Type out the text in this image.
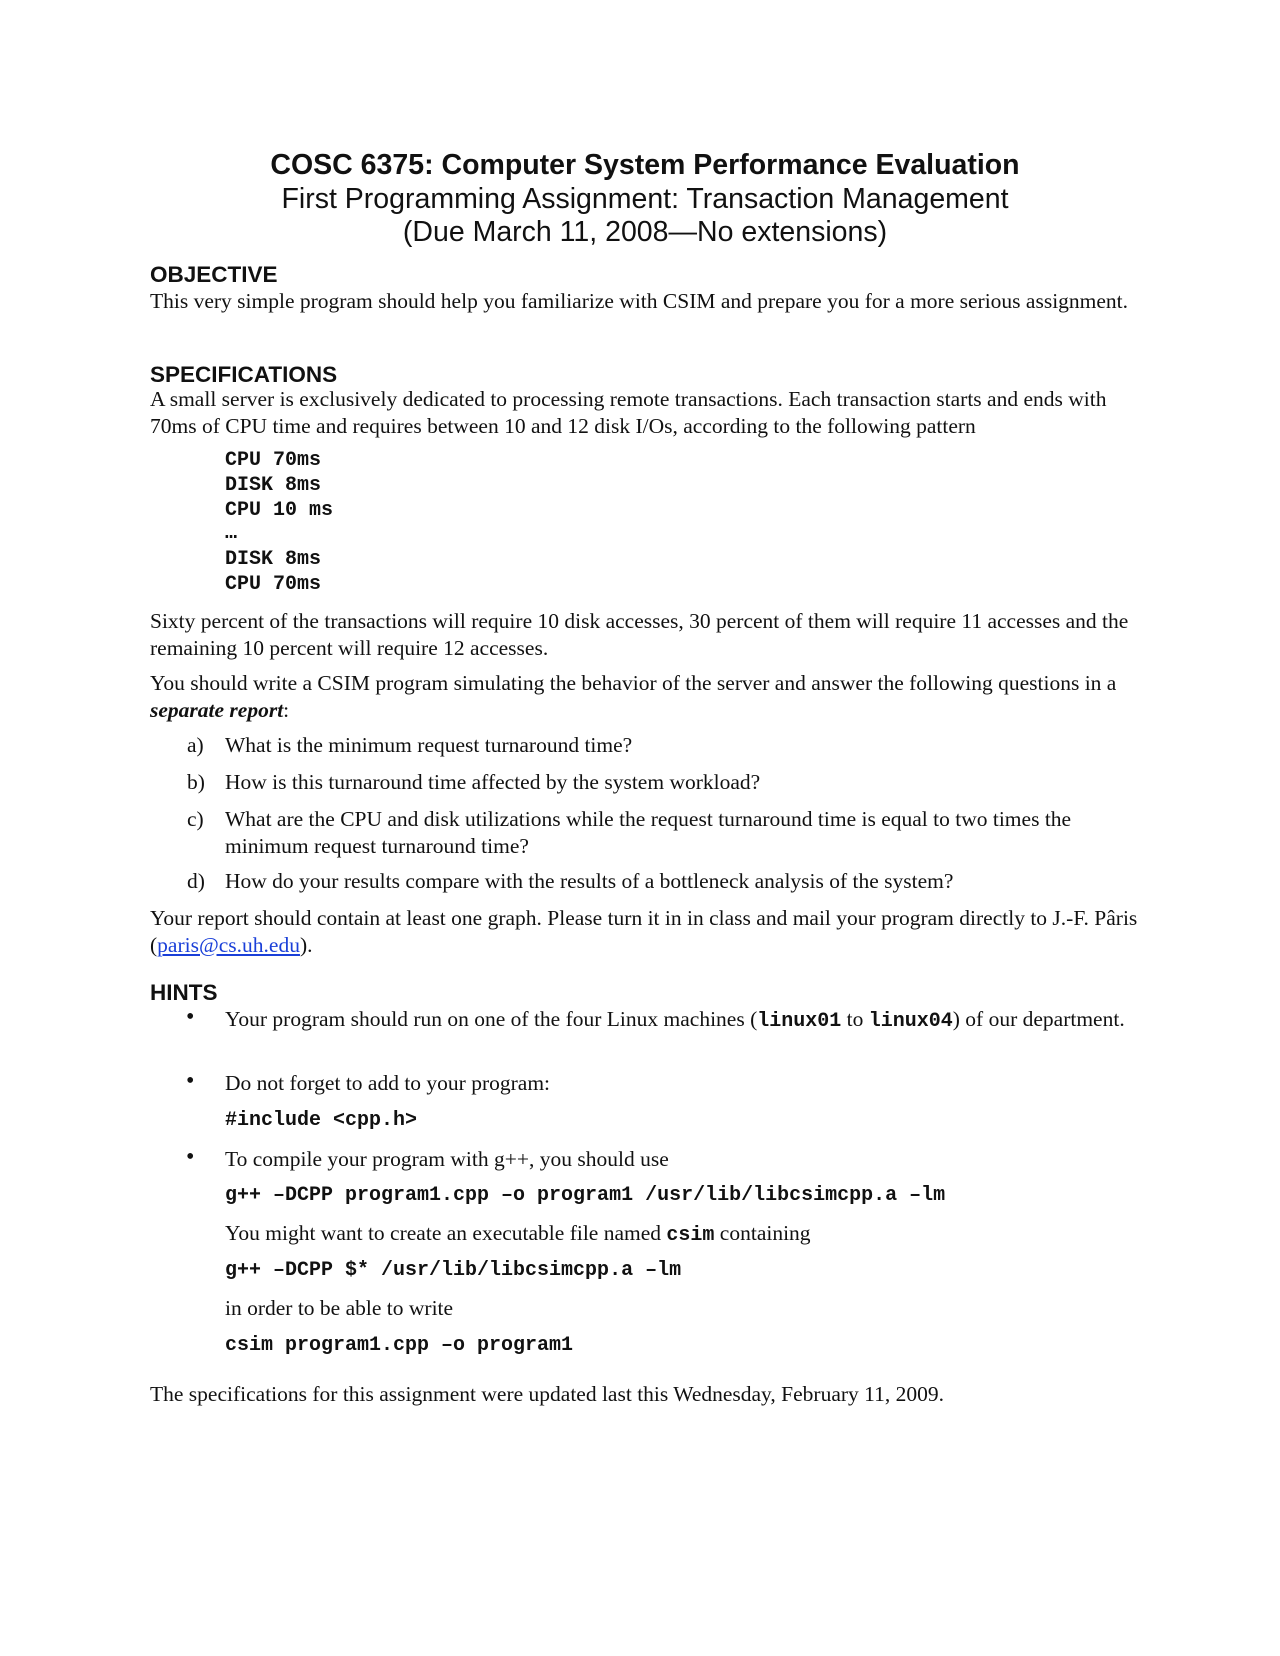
COSC 6375: Computer System Performance Evaluation
First Programming Assignment: Transaction Management
(Due March 11, 2008—No extensions)
OBJECTIVE
This very simple program should help you familiarize with CSIM and prepare you for a more serious assignment.
SPECIFICATIONS
A small server is exclusively dedicated to processing remote transactions. Each transaction starts and ends with 70ms of CPU time and requires between 10 and 12 disk I/Os, according to the following pattern
CPU 70ms
DISK 8ms
CPU 10 ms
…
DISK 8ms
CPU 70ms
Sixty percent of the transactions will require 10 disk accesses, 30 percent of them will require 11 accesses and the remaining 10 percent will require 12 accesses.
You should write a CSIM program simulating the behavior of the server and answer the following questions in a separate report:
a) What is the minimum request turnaround time?
b) How is this turnaround time affected by the system workload?
c) What are the CPU and disk utilizations while the request turnaround time is equal to two times the minimum request turnaround time?
d) How do your results compare with the results of a bottleneck analysis of the system?
Your report should contain at least one graph. Please turn it in in class and mail your program directly to J.-F. Pâris (paris@cs.uh.edu).
HINTS
• Your program should run on one of the four Linux machines (linux01 to linux04) of our department.
• Do not forget to add to your program:
#include <cpp.h>
• To compile your program with g++, you should use
g++ –DCPP program1.cpp –o program1 /usr/lib/libcsimcpp.a –lm
You might want to create an executable file named csim containing
g++ –DCPP $* /usr/lib/libcsimcpp.a –lm
in order to be able to write
csim program1.cpp –o program1
The specifications for this assignment were updated last this Wednesday, February 11, 2009.
